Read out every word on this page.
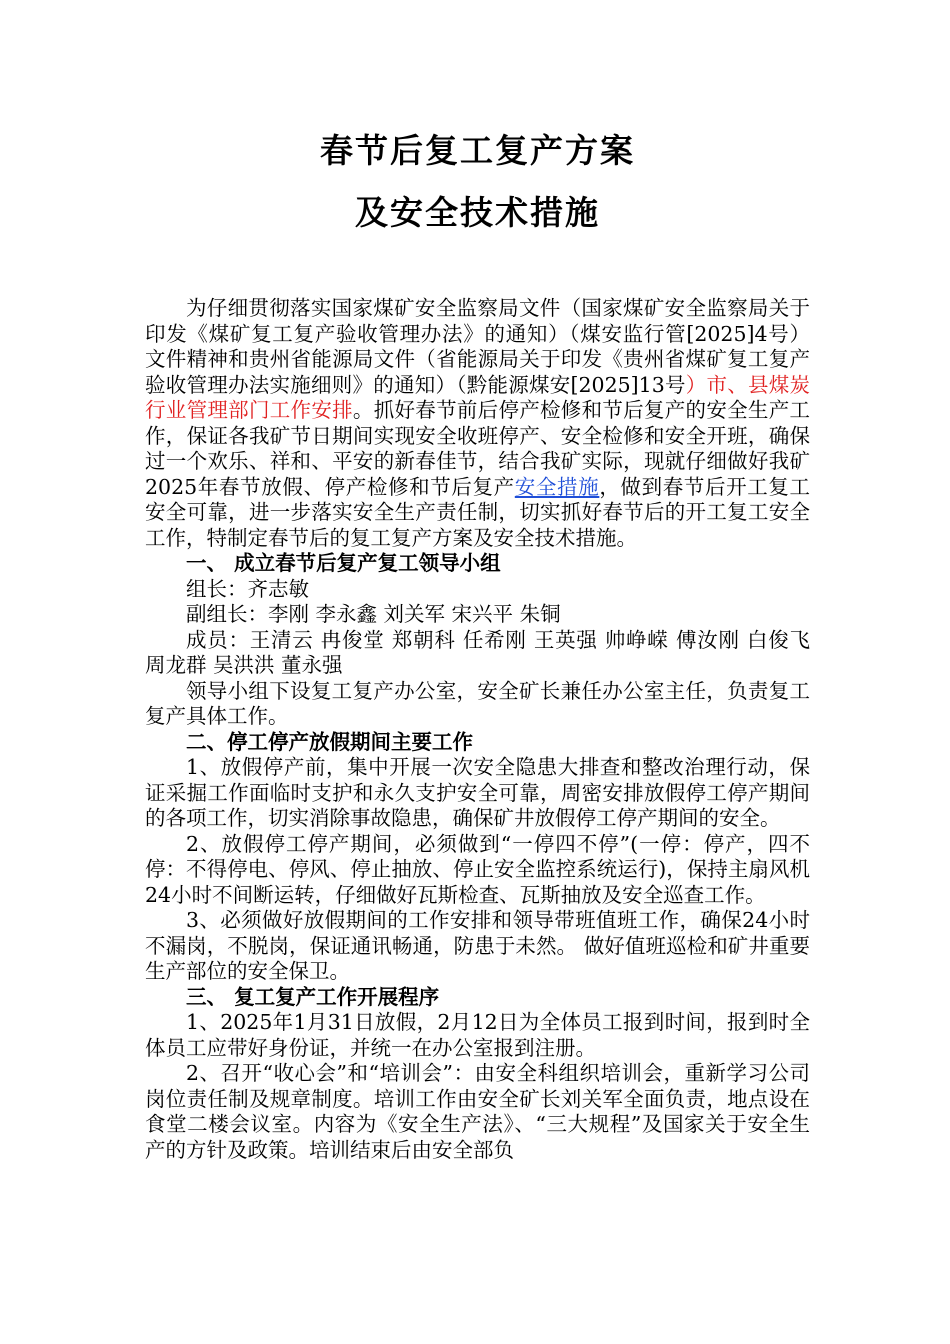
春节后复工复产方案
及安全技术措施

为仔细贯彻落实国家煤矿安全监察局文件（国家煤矿安全监察局关于印发《煤矿复工复产验收管理办法》的通知）（煤安监行管[2025]4号）文件精神和贵州省能源局文件（省能源局关于印发《贵州省煤矿复工复产验收管理办法实施细则》的通知）（黔能源煤安[2025]13号）市、县煤炭行业管理部门工作安排。抓好春节前后停产检修和节后复产的安全生产工作，保证各我矿节日期间实现安全收班停产、安全检修和安全开班，确保过一个欢乐、祥和、平安的新春佳节，结合我矿实际，现就仔细做好我矿2025年春节放假、停产检修和节后复产安全措施，做到春节后开工复工安全可靠，进一步落实安全生产责任制，切实抓好春节后的开工复工安全工作，特制定春节后的复工复产方案及安全技术措施。

一、 成立春节后复产复工领导小组

组长：齐志敏

副组长：李刚 李永鑫 刘关军 宋兴平 朱铜

成员：王清云 冉俊堂 郑朝科 任希刚 王英强 帅峥嵘 傅汝刚 白俊飞 周龙群 吴洪洪 董永强

领导小组下设复工复产办公室，安全矿长兼任办公室主任，负责复工复产具体工作。

二、停工停产放假期间主要工作

1、放假停产前，集中开展一次安全隐患大排查和整改治理行动，保证采掘工作面临时支护和永久支护安全可靠，周密安排放假停工停产期间的各项工作，切实消除事故隐患，确保矿井放假停工停产期间的安全。

2、放假停工停产期间，必须做到“一停四不停”(一停：停产，四不停：不得停电、停风、停止抽放、停止安全监控系统运行)，保持主扇风机24小时不间断运转，仔细做好瓦斯检查、瓦斯抽放及安全巡查工作。

3、必须做好放假期间的工作安排和领导带班值班工作，确保24小时不漏岗，不脱岗，保证通讯畅通，防患于未然。 做好值班巡检和矿井重要生产部位的安全保卫。

三、 复工复产工作开展程序

1、2025年1月31日放假，2月12日为全体员工报到时间，报到时全体员工应带好身份证，并统一在办公室报到注册。

2、召开“收心会”和“培训会”：由安全科组织培训会，重新学习公司岗位责任制及规章制度。培训工作由安全矿长刘关军全面负责，地点设在食堂二楼会议室。内容为《安全生产法》、“三大规程”及国家关于安全生产的方针及政策。培训结束后由安全部负
